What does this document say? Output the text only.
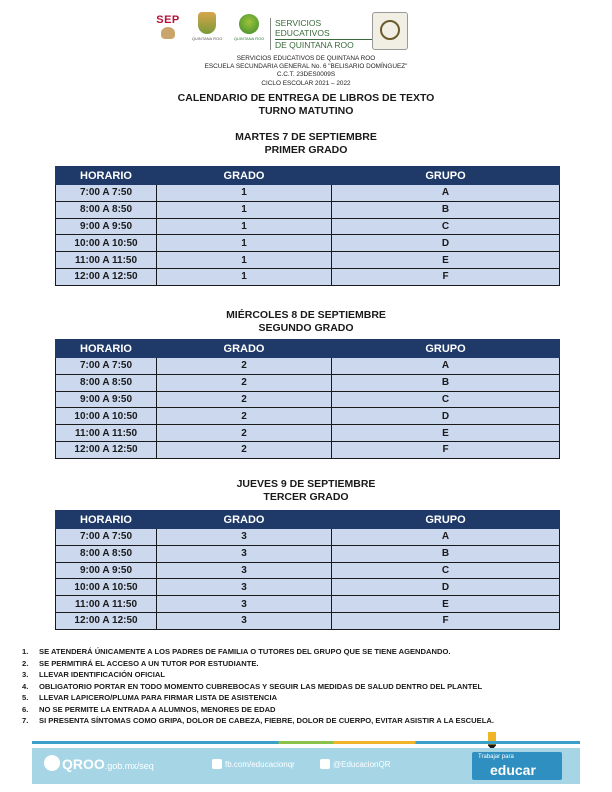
SEP
QUINTANA ROO	QUINTANA ROO
SERVICIOS EDUCATIVOS
DE QUINTANA ROO
SERVICIOS EDUCATIVOS DE QUINTANA ROO
ESCUELA SECUNDARIA GENERAL No. 6 "BELISARIO DOMÍNGUEZ"
C.C.T. 23DES0009S
CICLO ESCOLAR 2021 – 2022
CALENDARIO DE ENTREGA DE LIBROS DE TEXTO
TURNO MATUTINO
MARTES 7 DE SEPTIEMBRE
PRIMER GRADO
HORARIO	GRADO	GRUPO
7:00 A 7:50	1	A
8:00 A 8:50	1	B
9:00 A 9:50	1	C
10:00 A 10:50	1	D
11:00 A 11:50	1	E
12:00 A 12:50	1	F
MIÉRCOLES 8 DE SEPTIEMBRE
SEGUNDO GRADO
HORARIO	GRADO	GRUPO
7:00 A 7:50	2	A
8:00 A 8:50	2	B
9:00 A 9:50	2	C
10:00 A 10:50	2	D
11:00 A 11:50	2	E
12:00 A 12:50	2	F
JUEVES 9 DE SEPTIEMBRE
TERCER GRADO
HORARIO	GRADO	GRUPO
7:00 A 7:50	3	A
8:00 A 8:50	3	B
9:00 A 9:50	3	C
10:00 A 10:50	3	D
11:00 A 11:50	3	E
12:00 A 12:50	3	F
1. SE ATENDERÁ ÚNICAMENTE A LOS PADRES DE FAMILIA O TUTORES DEL GRUPO QUE SE TIENE AGENDANDO.
2. SE PERMITIRÁ EL ACCESO A UN TUTOR POR ESTUDIANTE.
3. LLEVAR IDENTIFICACIÓN OFICIAL
4. OBLIGATORIO PORTAR EN TODO MOMENTO CUBREBOCAS Y SEGUIR LAS MEDIDAS DE SALUD DENTRO DEL PLANTEL
5. LLEVAR LAPICERO/PLUMA PARA FIRMAR LISTA DE ASISTENCIA
6. NO SE PERMITE LA ENTRADA A ALUMNOS, MENORES DE EDAD
7. SI PRESENTA SÍNTOMAS COMO GRIPA, DOLOR DE CABEZA, FIEBRE, DOLOR DE CUERPO, EVITAR ASISTIR A LA ESCUELA.
QROO.gob.mx/seq	fb.com/educacionqr	@EducacionQR
Trabajar para
educar
